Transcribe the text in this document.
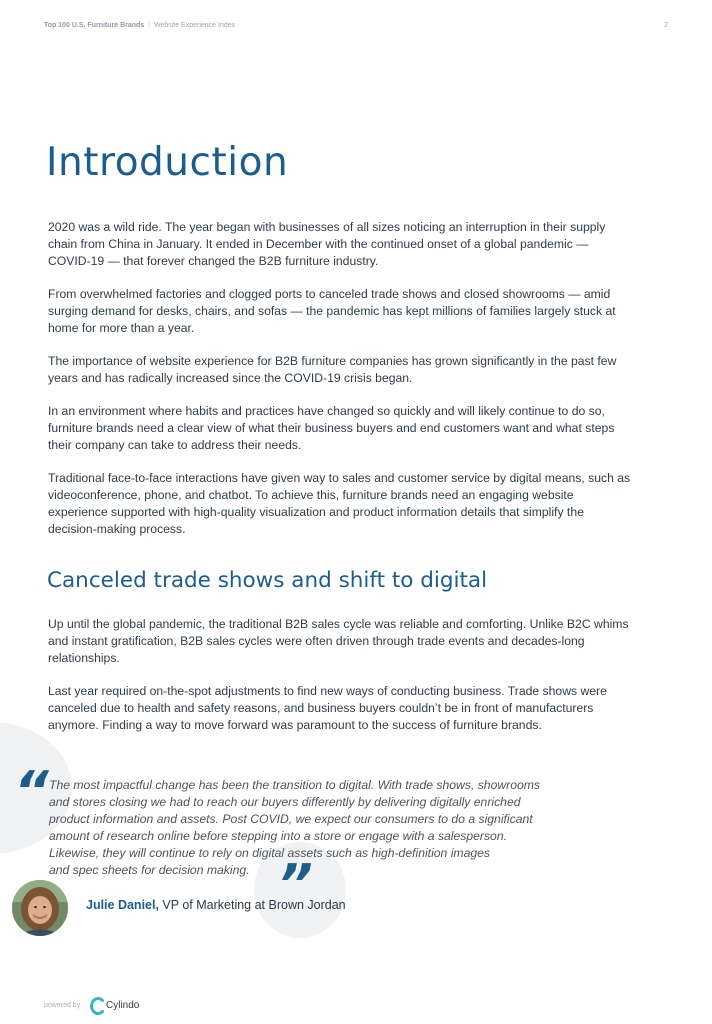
Top 100 U.S. Furniture Brands | Website Experience Index	2
Introduction

2020 was a wild ride. The year began with businesses of all sizes noticing an interruption in their supply chain from China in January. It ended in December with the continued onset of a global pandemic — COVID-19 — that forever changed the B2B furniture industry.

From overwhelmed factories and clogged ports to canceled trade shows and closed showrooms — amid surging demand for desks, chairs, and sofas — the pandemic has kept millions of families largely stuck at home for more than a year.

The importance of website experience for B2B furniture companies has grown significantly in the past few years and has radically increased since the COVID-19 crisis began.

In an environment where habits and practices have changed so quickly and will likely continue to do so, furniture brands need a clear view of what their business buyers and end customers want and what steps their company can take to address their needs.

Traditional face-to-face interactions have given way to sales and customer service by digital means, such as videoconference, phone, and chatbot. To achieve this, furniture brands need an engaging website experience supported with high-quality visualization and product information details that simplify the decision-making process.

Canceled trade shows and shift to digital

Up until the global pandemic, the traditional B2B sales cycle was reliable and comforting. Unlike B2C whims and instant gratification, B2B sales cycles were often driven through trade events and decades-long relationships.

Last year required on-the-spot adjustments to find new ways of conducting business. Trade shows were canceled due to health and safety reasons, and business buyers couldn’t be in front of manufacturers anymore. Finding a way to move forward was paramount to the success of furniture brands.

“ The most impactful change has been the transition to digital. With trade shows, showrooms
and stores closing we had to reach our buyers differently by delivering digitally enriched
product information and assets. Post COVID, we expect our consumers to do a significant
amount of research online before stepping into a store or engage with a salesperson.
Likewise, they will continue to rely on digital assets such as high-definition images
and spec sheets for decision making. ”
Julie Daniel, VP of Marketing at Brown Jordan
powered by	Cylindo
